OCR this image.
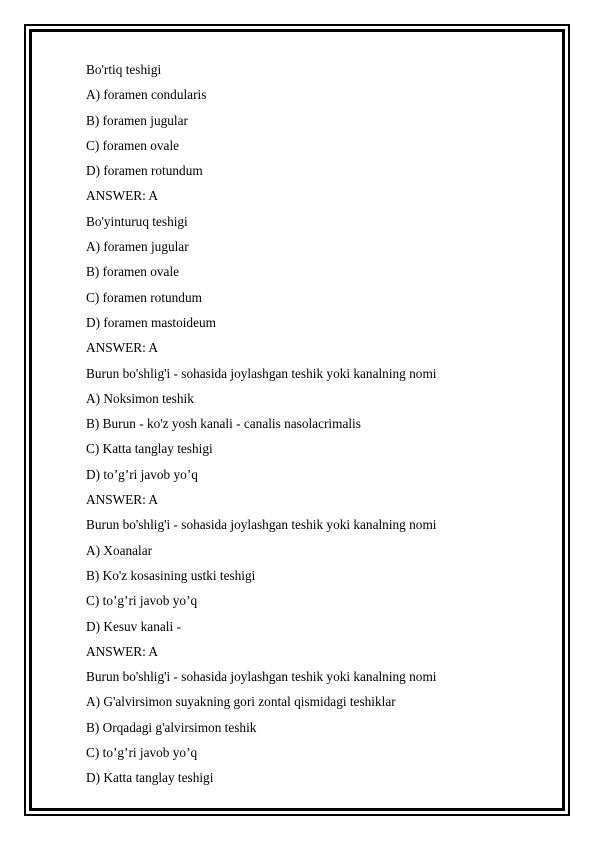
Bo'rtiq teshigi
A) foramen condularis
B) foramen jugular
C) foramen ovale
D) foramen rotundum
ANSWER: A
Bo'yinturuq teshigi
A) foramen jugular
B) foramen ovale
C) foramen rotundum
D) foramen mastoideum
ANSWER: A
Burun bo'shlig'i - sohasida joylashgan teshik yoki kanalning nomi
A) Noksimon teshik
B) Burun - ko'z yosh kanali - canalis nasolacrimalis
C) Katta tanglay teshigi
D) to’g’ri javob yo’q
ANSWER: A
Burun bo'shlig'i - sohasida joylashgan teshik yoki kanalning nomi
A) Xoanalar
B) Ko'z kosasining ustki teshigi
C) to’g’ri javob yo’q
D) Kesuv kanali -
ANSWER: A
Burun bo'shlig'i - sohasida joylashgan teshik yoki kanalning nomi
A) G'alvirsimon suyakning gori zontal qismidagi teshiklar
B) Orqadagi g'alvirsimon teshik
C) to’g’ri javob yo’q
D) Katta tanglay teshigi
